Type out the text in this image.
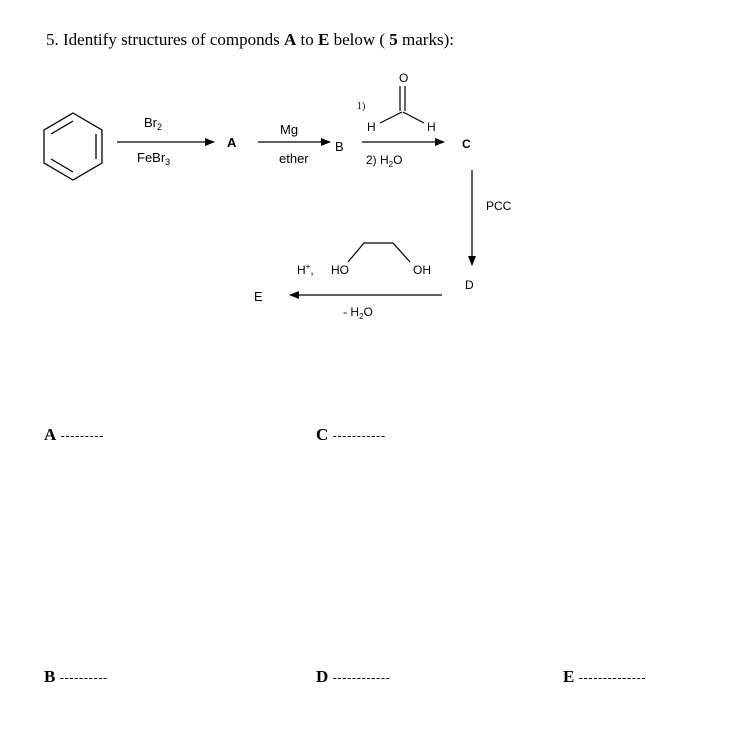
5. Identify structures of componds A to E below ( 5 marks):
$Br_2$
FeBr$_3$
A
Mg
ether
B
1)
O
H	H
2) $H_2O$
C
PCC
D
H+, HO	OH
- $H_2O$
E
A ---------	C -----------
B ----------	D ------------	E --------------
